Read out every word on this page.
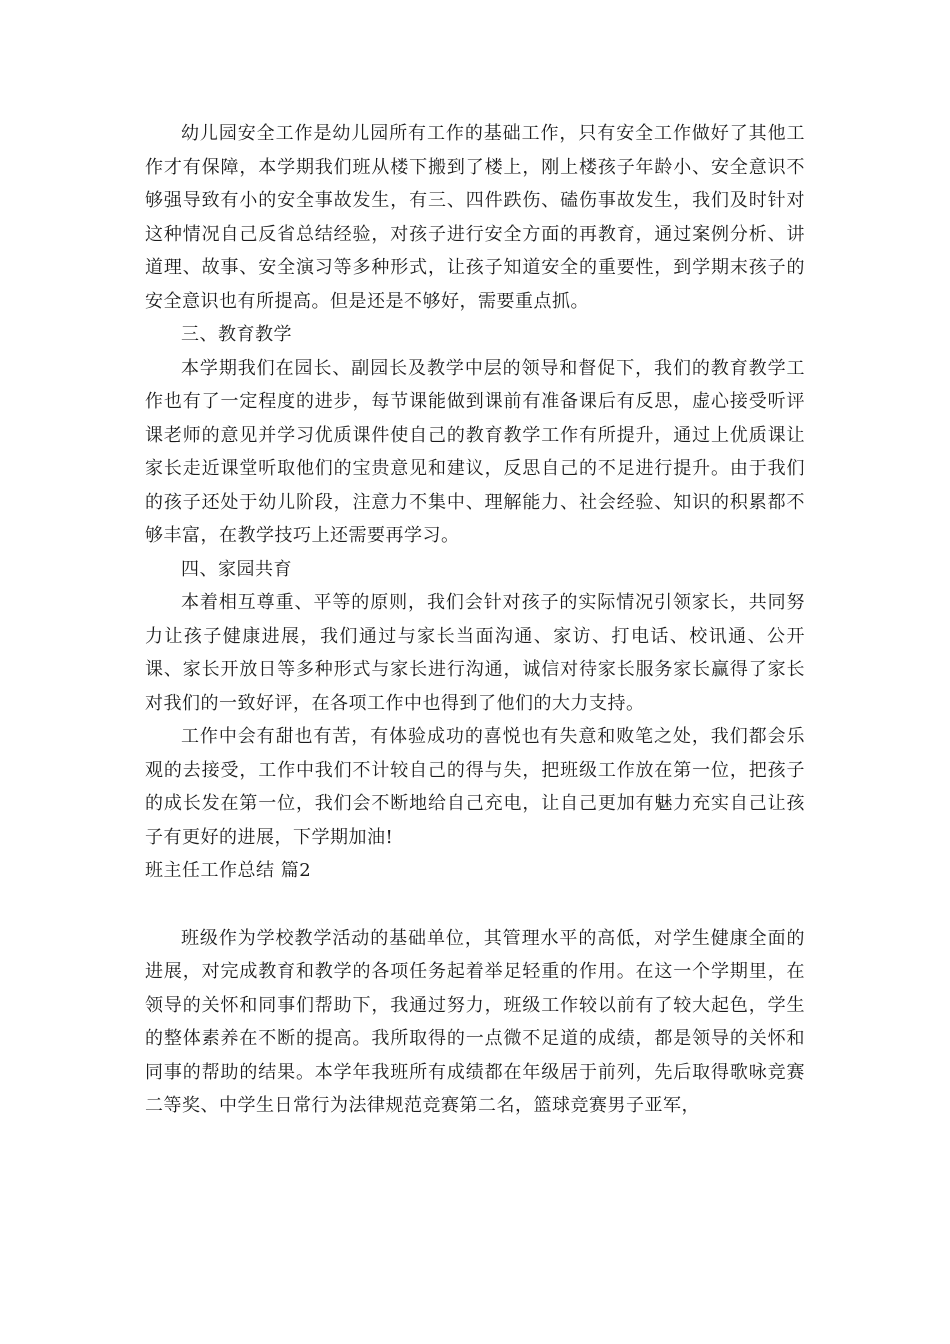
幼儿园安全工作是幼儿园所有工作的基础工作，只有安全工作做好了其他工作才有保障，本学期我们班从楼下搬到了楼上，刚上楼孩子年龄小、安全意识不够强导致有小的安全事故发生，有三、四件跌伤、磕伤事故发生，我们及时针对这种情况自己反省总结经验，对孩子进行安全方面的再教育，通过案例分析、讲道理、故事、安全演习等多种形式，让孩子知道安全的重要性，到学期末孩子的安全意识也有所提高。但是还是不够好，需要重点抓。

三、教育教学

本学期我们在园长、副园长及教学中层的领导和督促下，我们的教育教学工作也有了一定程度的进步，每节课能做到课前有准备课后有反思，虚心接受听评课老师的意见并学习优质课件使自己的教育教学工作有所提升，通过上优质课让家长走近课堂听取他们的宝贵意见和建议，反思自己的不足进行提升。由于我们的孩子还处于幼儿阶段，注意力不集中、理解能力、社会经验、知识的积累都不够丰富，在教学技巧上还需要再学习。

四、家园共育

本着相互尊重、平等的原则，我们会针对孩子的实际情况引领家长，共同努力让孩子健康进展，我们通过与家长当面沟通、家访、打电话、校讯通、公开课、家长开放日等多种形式与家长进行沟通，诚信对待家长服务家长赢得了家长对我们的一致好评，在各项工作中也得到了他们的大力支持。

工作中会有甜也有苦，有体验成功的喜悦也有失意和败笔之处，我们都会乐观的去接受，工作中我们不计较自己的得与失，把班级工作放在第一位，把孩子的成长发在第一位，我们会不断地给自己充电，让自己更加有魅力充实自己让孩子有更好的进展，下学期加油!

班主任工作总结 篇2

班级作为学校教学活动的基础单位，其管理水平的高低，对学生健康全面的进展，对完成教育和教学的各项任务起着举足轻重的作用。在这一个学期里，在领导的关怀和同事们帮助下，我通过努力，班级工作较以前有了较大起色，学生的整体素养在不断的提高。我所取得的一点微不足道的成绩，都是领导的关怀和同事的帮助的结果。本学年我班所有成绩都在年级居于前列，先后取得歌咏竞赛二等奖、中学生日常行为法律规范竞赛第二名，篮球竞赛男子亚军，
